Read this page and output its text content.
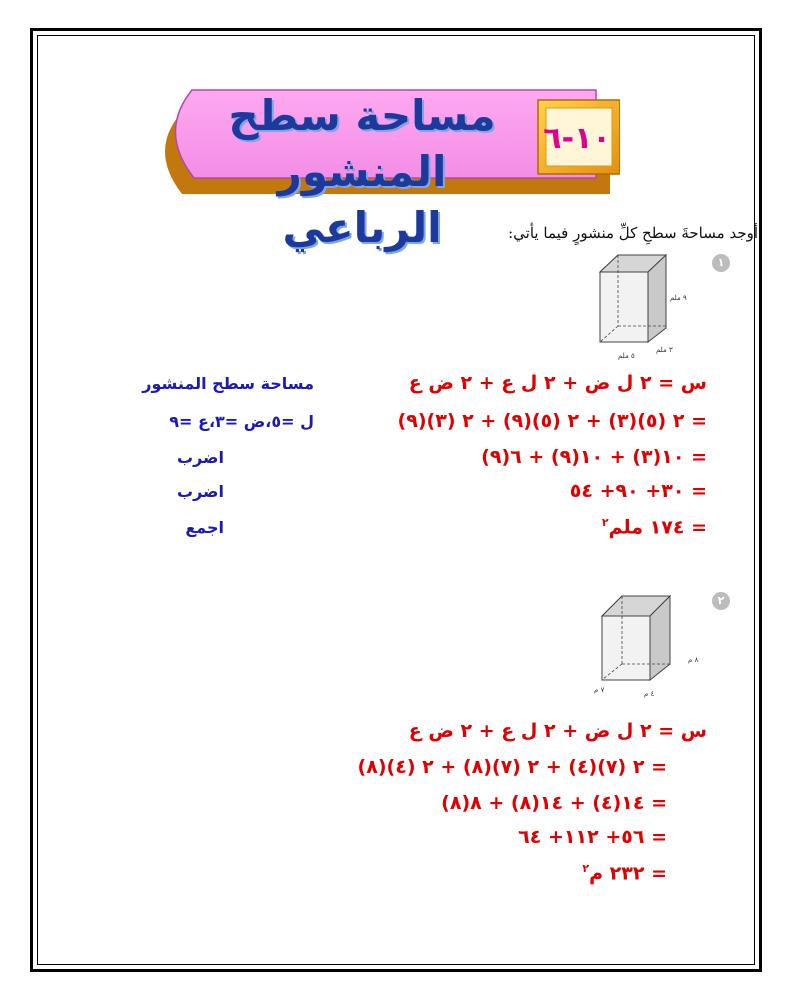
١٠-٦
مساحة سطح
المنشور الرباعي	أوجد مساحةَ سطحِ كلِّ منشورٍ فيما يأتي:
١
٩ ملم
٣ ملم
٥ ملم
س = ٢ ل ض + ٢ ل ع + ٢ ض ع
= ٢ (٥)(٣) + ٢ (٥)(٩) + ٢ (٣)(٩)
= ١٠(٣) + ١٠(٩) + ٦(٩)
= ٣٠+ ٩٠+ ٥٤
= ١٧٤ ملم$^٢$
مساحة سطح المنشور
ل =٥،ض =٣،ع =٩
اضرب
اضرب
اجمع
٢
٨ م
٧ م	٤ م
س = ٢ ل ض + ٢ ل ع + ٢ ض ع
= ٢ (٧)(٤) + ٢ (٧)(٨) + ٢ (٤)(٨)
= ١٤(٤) + ١٤(٨) + ٨(٨)
= ٥٦+ ١١٢+ ٦٤
= ٢٣٢ م$^٢$
